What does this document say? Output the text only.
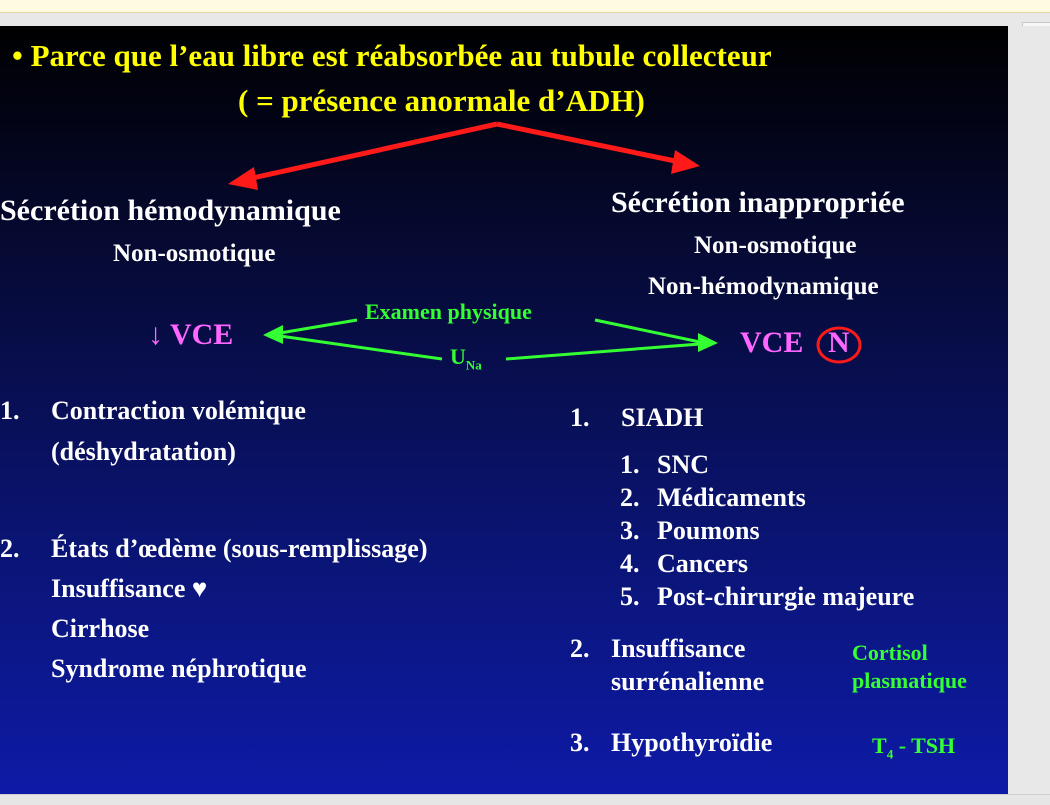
• Parce que l’eau libre est réabsorbée au tubule collecteur
( = présence anormale d’ADH)
Sécrétion hémodynamique
Non-osmotique
↓ VCE
1. Contraction volémique
(déshydratation)
2. États d’œdème (sous-remplissage)
Insuffisance ♥
Cirrhose
Syndrome néphrotique
Examen physique
$U_{Na}$
Sécrétion inappropriée
Non-osmotique
Non-hémodynamique
VCE N
1. SIADH
1. SNC
2. Médicaments
3. Poumons
4. Cancers
5. Post-chirurgie majeure
2. Insuffisance
surrénalienne
Cortisol
plasmatique
3. Hypothyroïdie	$T_4$ - TSH
